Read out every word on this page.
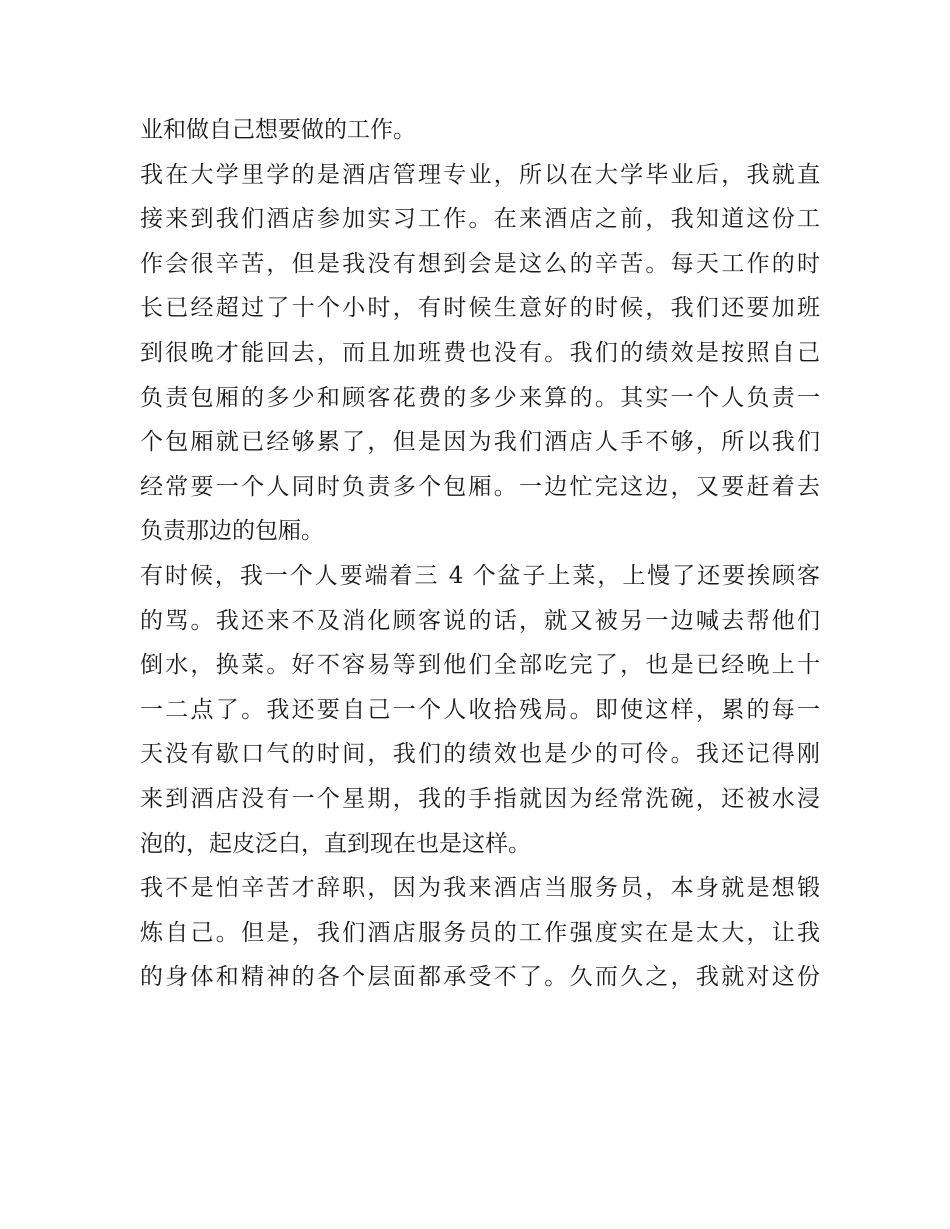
业和做自己想要做的工作。
我在大学里学的是酒店管理专业，所以在大学毕业后，我就直
接来到我们酒店参加实习工作。在来酒店之前，我知道这份工
作会很辛苦，但是我没有想到会是这么的辛苦。每天工作的时
长已经超过了十个小时，有时候生意好的时候，我们还要加班
到很晚才能回去，而且加班费也没有。我们的绩效是按照自己
负责包厢的多少和顾客花费的多少来算的。其实一个人负责一
个包厢就已经够累了，但是因为我们酒店人手不够，所以我们
经常要一个人同时负责多个包厢。一边忙完这边，又要赶着去
负责那边的包厢。
有时候，我一个人要端着三 4 个盆子上菜，上慢了还要挨顾客
的骂。我还来不及消化顾客说的话，就又被另一边喊去帮他们
倒水，换菜。好不容易等到他们全部吃完了，也是已经晚上十
一二点了。我还要自己一个人收拾残局。即使这样，累的每一
天没有歇口气的时间，我们的绩效也是少的可伶。我还记得刚
来到酒店没有一个星期，我的手指就因为经常洗碗，还被水浸
泡的，起皮泛白，直到现在也是这样。
我不是怕辛苦才辞职，因为我来酒店当服务员，本身就是想锻
炼自己。但是，我们酒店服务员的工作强度实在是太大，让我
的身体和精神的各个层面都承受不了。久而久之，我就对这份
